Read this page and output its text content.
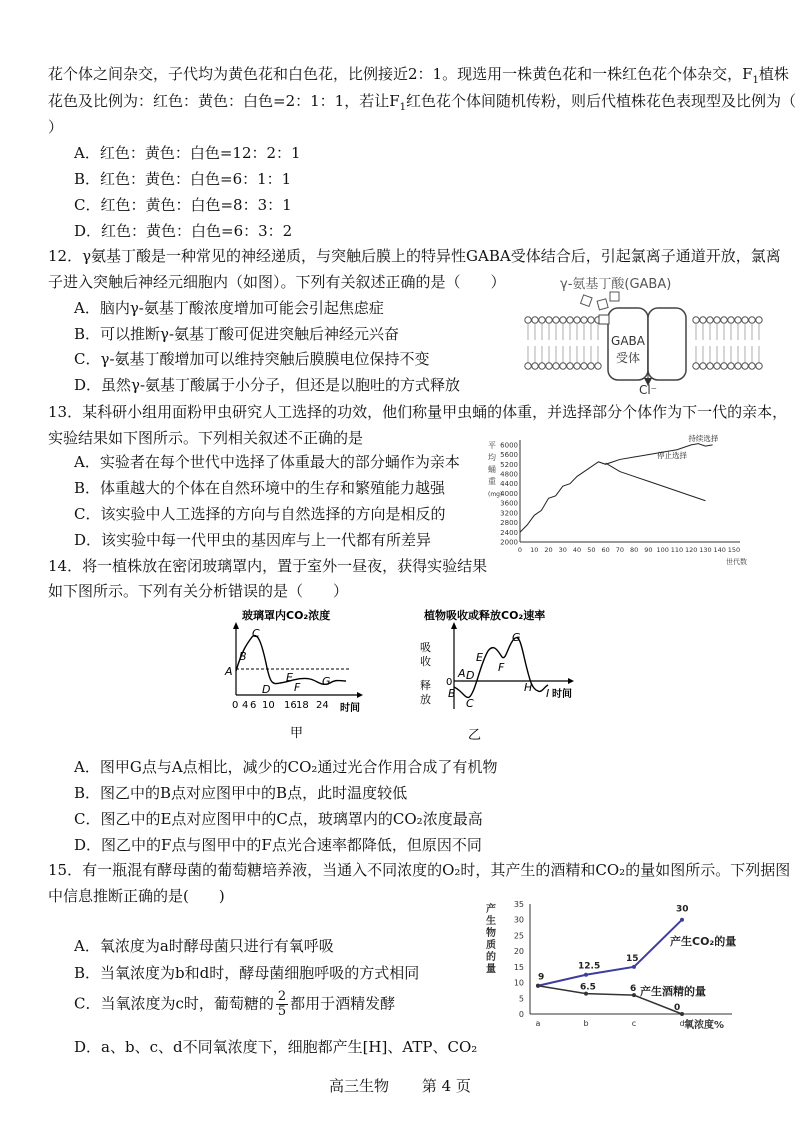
花个体之间杂交，子代均为黄色花和白色花，比例接近2：1。现选用一株黄色花和一株红色花个体杂交，$F_1$植株
花色及比例为：红色：黄色：白色=2：1：1，若让$F_1$红色花个体间随机传粉，则后代植株花色表现型及比例为（
）
A．红色：黄色：白色=12：2：1
B．红色：黄色：白色=6：1：1
C．红色：黄色：白色=8：3：1
D．红色：黄色：白色=6：3：2
12．γ氨基丁酸是一种常见的神经递质，与突触后膜上的特异性GABA受体结合后，引起氯离子通道开放，氯离
子进入突触后神经元细胞内（如图）。下列有关叙述正确的是（　　）
A．脑内γ-氨基丁酸浓度增加可能会引起焦虑症
B．可以推断γ-氨基丁酸可促进突触后神经元兴奋
C．γ-氨基丁酸增加可以维持突触后膜膜电位保持不变
D．虽然γ-氨基丁酸属于小分子，但还是以胞吐的方式释放
γ-氨基丁酸(GABA)
GABA
受体
Cl⁻
13．某科研小组用面粉甲虫研究人工选择的功效，他们称量甲虫蛹的体重，并选择部分个体作为下一代的亲本，
实验结果如下图所示。下列相关叙述不正确的是
A．实验者在每个世代中选择了体重最大的部分蛹作为亲本
B．体重越大的个体在自然环境中的生存和繁殖能力越强
C．该实验中人工选择的方向与自然选择的方向是相反的
D．该实验中每一代甲虫的基因库与上一代都有所差异
平
均
蛹
重
(mg)
2000
2400
2800
3200
3600
4000
4400
4800
5200
5600
6000
0 10 20 30 40 50 60 70 80 90 100 110 120 130 140 150
世代数
持续选择
停止选择
14．将一植株放在密闭玻璃罩内，置于室外一昼夜，获得实验结果
如下图所示。下列有关分析错误的是（　　）
玻璃罩内CO₂浓度
A
B
C
D
E
F G
0 4 6 10 16 18 24 时间
甲
植物吸收或释放CO₂速率
吸
收
释
放
0
A
B
C
D
E
F
G
H I 时间
乙
A．图甲G点与A点相比，减少的CO₂通过光合作用合成了有机物
B．图乙中的B点对应图甲中的B点，此时温度较低
C．图乙中的E点对应图甲中的C点，玻璃罩内的CO₂浓度最高
D．图乙中的F点与图甲中的F点光合速率都降低，但原因不同
15．有一瓶混有酵母菌的葡萄糖培养液，当通入不同浓度的O₂时，其产生的酒精和CO₂的量如图所示。下列据图
中信息推断正确的是(　　)
A．氧浓度为a时酵母菌只进行有氧呼吸
B．当氧浓度为b和d时，酵母菌细胞呼吸的方式相同
C．当氧浓度为c时，葡萄糖的 $\frac{2}{5}$ 都用于酒精发酵
D．a、b、c、d不同氧浓度下，细胞都产生[H]、ATP、CO₂
产
生
物
质
的
量
0
5
10
15
20
25
30
35
a	b	c	d 氧浓度%
9
12.5
15
30
6.5	6
0
产生CO₂的量
产生酒精的量
高三生物 第 4 页
